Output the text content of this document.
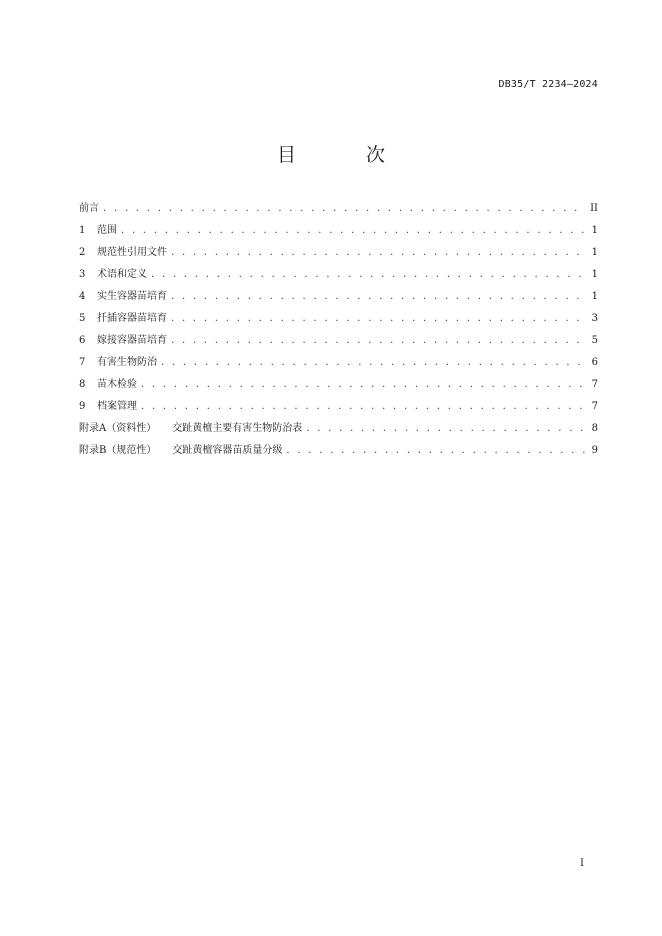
DB35/T 2234—2024
目 次
前言 . . .	II
1	范围 . . .	1
2	规范性引用文件 . . .	1
3	术语和定义 . . .	1
4	实生容器苗培育 . . .	1
5	扦插容器苗培育 . . .	3
6	嫁接容器苗培育 . . .	5
7	有害生物防治 . . .	6
8	苗木检验 . . .	7
9	档案管理 . . .	7
附录A（资料性） 交趾黄檀主要有害生物防治表 . . .	8
附录B（规范性） 交趾黄檀容器苗质量分级 . . .	9
I
